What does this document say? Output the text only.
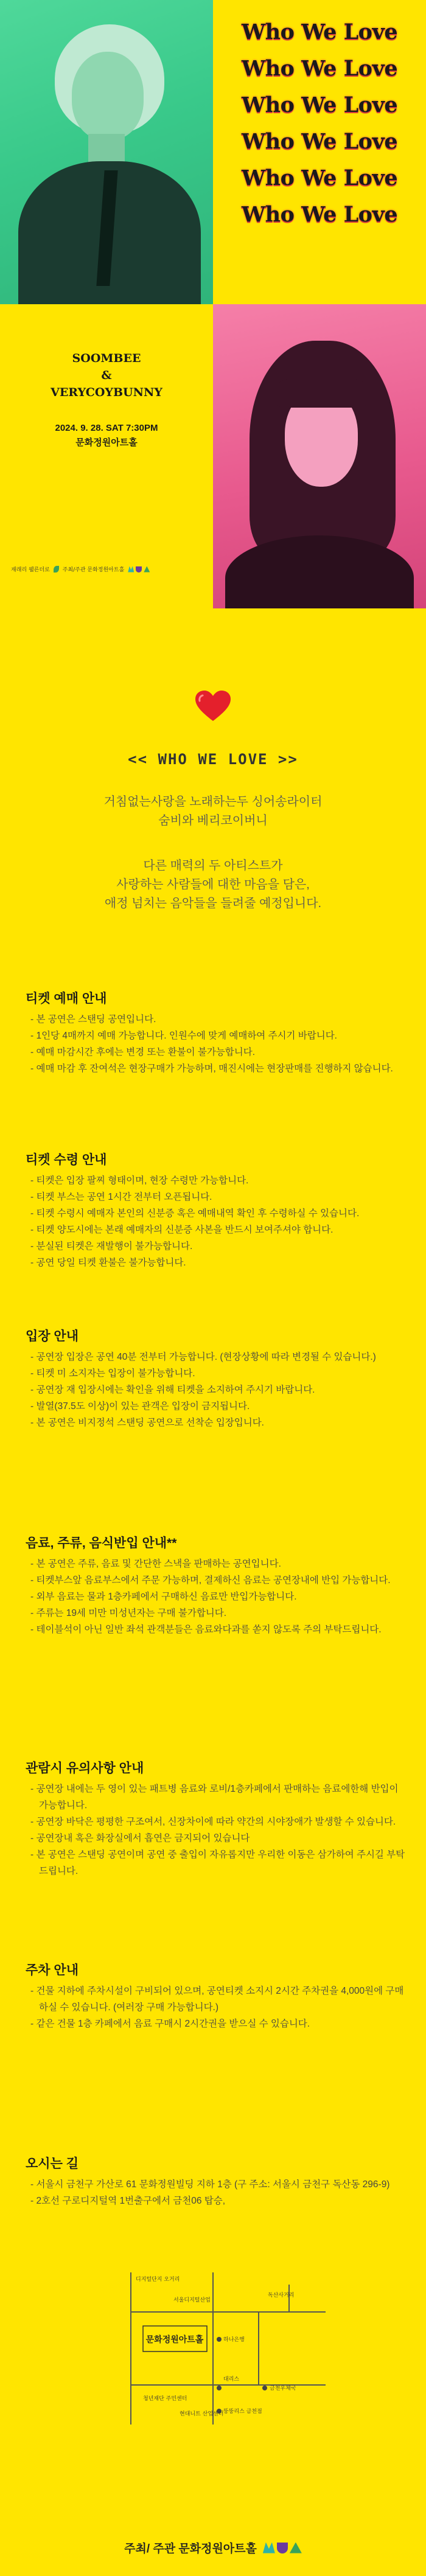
Who We Love
Who We Love
Who We Love
Who We Love
Who We Love
Who We Love
SOOMBEE
&
VERYCOYBUNNY
2024. 9. 28. SAT 7:30PM
문화정원아트홀
재래리 웰른더로 주최/주관 문화정원아트홀
<< WHO WE LOVE >>
거침없는사랑을 노래하는두 싱어송라이터
숨비와 베리코이버니
다른 매력의 두 아티스트가
사랑하는 사람들에 대한 마음을 담은,
애정 넘치는 음악들을 들려줄 예정입니다.
티켓 예매 안내
- 본 공연은 스탠딩 공연입니다.
- 1인당 4매까지 예매 가능합니다. 인원수에 맞게 예매하여 주시기 바랍니다.
- 예매 마감시간 후에는 변경 또는 환불이 불가능합니다.
- 예매 마감 후 잔여석은 현장구매가 가능하며, 매진시에는 현장판매를 진행하지 않습니다.
티켓 수령 안내
- 티켓은 입장 팔찌 형태이며, 현장 수령만 가능합니다.
- 티켓 부스는 공연 1시간 전부터 오픈됩니다.
- 티켓 수령시 예매자 본인의 신분증 혹은 예매내역 확인 후 수령하실 수 있습니다.
- 티켓 양도시에는 본래 예매자의 신분증 사본을 반드시 보여주셔야 합니다.
- 분실된 티켓은 재발행이 불가능합니다.
- 공연 당일 티켓 환불은 불가능합니다.
입장 안내
- 공연장 입장은 공연 40분 전부터 가능합니다. (현장상황에 따라 변경될 수 있습니다.)
- 티켓 미 소지자는 입장이 불가능합니다.
- 공연장 재 입장시에는 확인을 위해 티켓을 소지하여 주시기 바랍니다.
- 발열(37.5도 이상)이 있는 관객은 입장이 금지됩니다.
- 본 공연은 비지정석 스탠딩 공연으로 선착순 입장입니다.
음료, 주류, 음식반입 안내**
- 본 공연은 주류, 음료 및 간단한 스낵을 판매하는 공연입니다.
- 티켓부스앞 음료부스에서 주문 가능하며, 결제하신 음료는 공연장내에 반입 가능합니다.
- 외부 음료는 물과 1층카페에서 구매하신 음료만 반입가능합니다.
- 주류는 19세 미만 미성년자는 구매 불가합니다.
- 테이블석이 아닌 일반 좌석 관객분들은 음료와다과를 쏟지 않도록 주의 부탁드립니다.
관람시 유의사항 안내
- 공연장 내에는 두 영이 있는 패트병 음료와 로비/1층카페에서 판매하는 음료에한해 반입이 가능합니다.
- 공연장 바닥은 평평한 구조여서, 신장차이에 따라 약간의 시야장애가 발생할 수 있습니다.
- 공연장내 혹은 화장실에서 흡연은 금지되어 있습니다
- 본 공연은 스탠딩 공연이며 공연 중 출입이 자유롭지만 우리한 이동은 삼가하여 주시길 부탁드립니다.
주차 안내
- 건물 지하에 주차시설이 구비되어 있으며, 공연티켓 소지시 2시간 주차권을 4,000원에 구매하실 수 있습니다. (여러장 구매 가능합니다.)
- 같은 건물 1층 카페에서 음료 구매시 2시간권을 받으실 수 있습니다.
오시는 길
- 서울시 금천구 가산로 61 문화정원빌딩 지하 1층 (구 주소: 서울시 금천구 독산동 296-9)
- 2호선 구로디지털역 1번출구에서 금천06 탑승,
문화정원아트홀
디지털단지 오거리
서울디지털산업
독산사거리
하나은행
금천우체국
대리스
청년재단 주민센터
현대니트 산업센터 뚱뚱리스 금천점
주최/ 주관 문화정원아트홀
